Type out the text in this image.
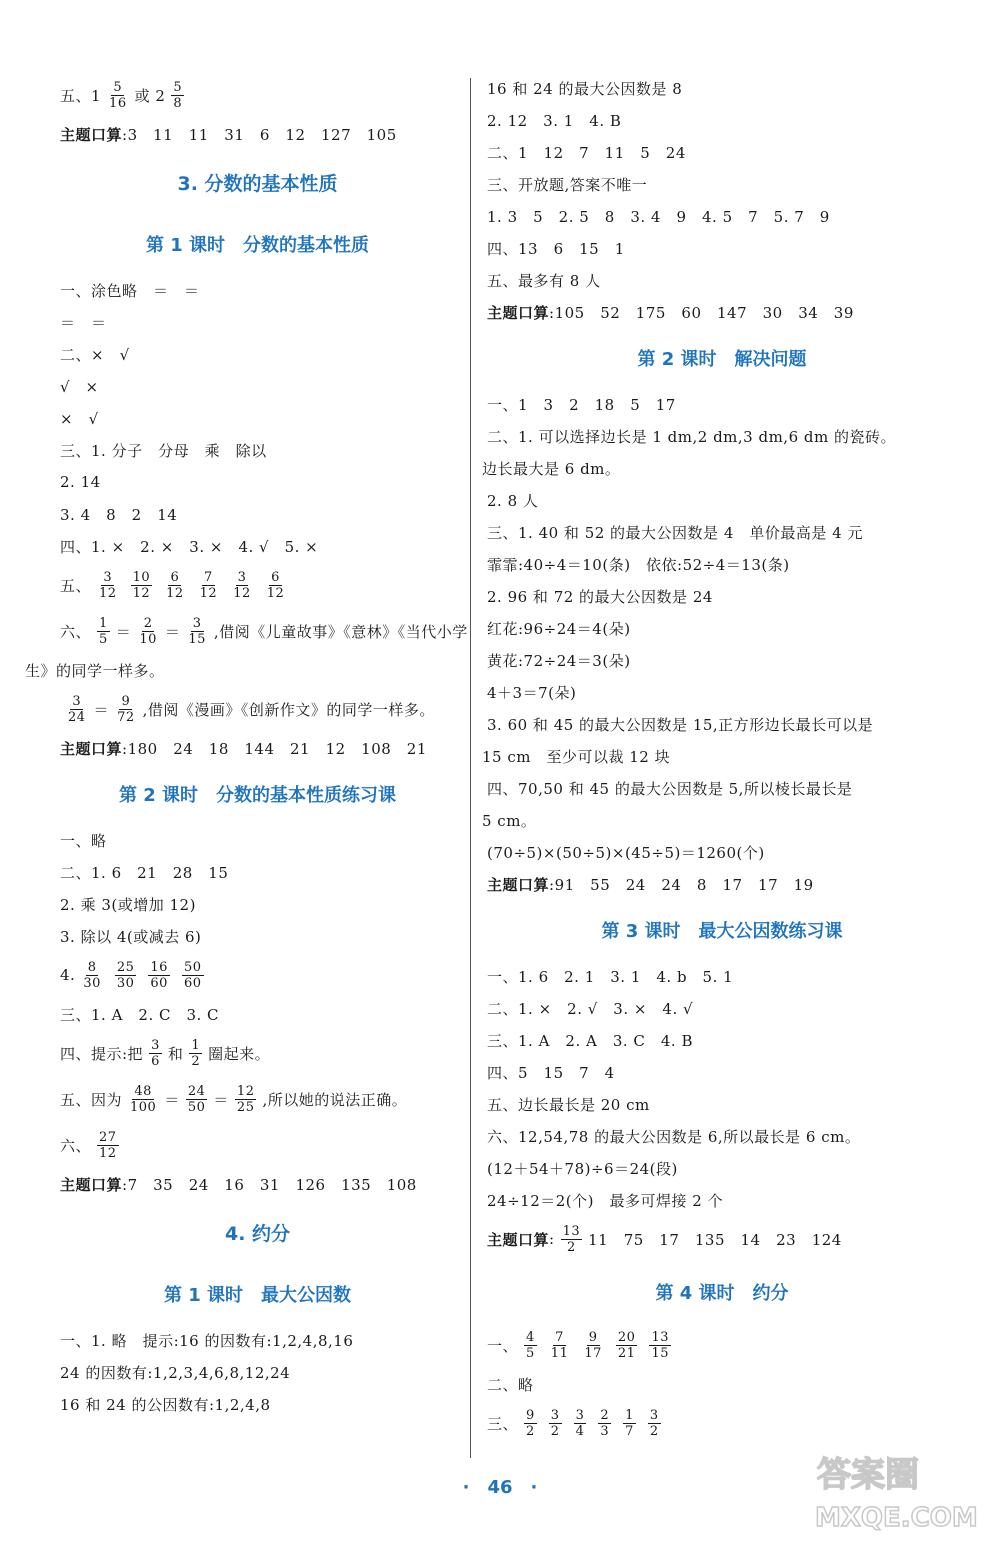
五、$1 \frac{5}{16}$ 或 $2 \frac{5}{8}$
主题口算 :3　11　11　31　6　12　127　105
3. 分数的基本性质
第 1 课时　分数的基本性质
一、涂色略　＝　＝
＝　＝
二、×　√
√　×
×　√
三、1. 分子　分母　乘　除以
2. 14
3. 4　8　2　14
四、1. ×　2. ×　3. ×　4. √　5. ×
五、 $\frac{3}{12} \frac{10}{12} \frac{6}{12} \frac{7}{12} \frac{3}{12} \frac{6}{12}$
六、 $\frac{1}{5} = \frac{2}{10} = \frac{3}{15}$ ,借阅《儿童故事》《意林》《当代小学
生》的同学一样多。
$\frac{3}{24} = \frac{9}{72}$ ,借阅《漫画》《创新作文》的同学一样多。
主题口算 :180　24　18　144　21　12　108　21
第 2 课时　分数的基本性质练习课
一、略
二、1. 6　21　28　15
2. 乘 3(或增加 12)
3. 除以 4(或减去 6)
4. $\frac{8}{30} \frac{25}{30} \frac{16}{60} \frac{50}{60}$
三、1. A　2. C　3. C
四、提示:把 $\frac{3}{6}$ 和 $\frac{1}{2}$ 圈起来。
五、因为 $\frac{48}{100} = \frac{24}{50} = \frac{12}{25}$ ,所以她的说法正确。
六、 $\frac{27}{12}$
主题口算 :7　35　24　16　31　126　135　108
4. 约分
第 1 课时　最大公因数
一、1. 略　提示:16 的因数有:1,2,4,8,16
24 的因数有:1,2,3,4,6,8,12,24
16 和 24 的公因数有:1,2,4,8
16 和 24 的最大公因数是 8
2. 12　3. 1　4. B
二、1　12　7　11　5　24
三、开放题,答案不唯一
1. 3　5　2. 5　8　3. 4　9　4. 5　7　5. 7　9
四、13　6　15　1
五、最多有 8 人
主题口算 :105　52　175　60　147　30　34　39
第 2 课时　解决问题
一、1　3　2　18　5　17
二、1. 可以选择边长是 1 dm,2 dm,3 dm,6 dm 的瓷砖。
边长最大是 6 dm。
2. 8 人
三、1. 40 和 52 的最大公因数是 4　单价最高是 4 元
霏霏:40÷4＝10(条)　依依:52÷4＝13(条)
2. 96 和 72 的最大公因数是 24
红花:96÷24＝4(朵)
黄花:72÷24＝3(朵)
4＋3＝7(朵)
3. 60 和 45 的最大公因数是 15,正方形边长最长可以是
15 cm　至少可以裁 12 块
四、70,50 和 45 的最大公因数是 5,所以棱长最长是
5 cm。
(70÷5)×(50÷5)×(45÷5)＝1260(个)
主题口算 :91　55　24　24　8　17　17　19
第 3 课时　最大公因数练习课
一、1. 6　2. 1　3. 1　4. b　5. 1
二、1. ×　2. √　3. ×　4. √
三、1. A　2. A　3. C　4. B
四、5　15　7　4
五、边长最长是 20 cm
六、12,54,78 的最大公因数是 6,所以最长是 6 cm。
(12＋54＋78)÷6＝24(段)
24÷12＝2(个)　最多可焊接 2 个
主题口算 : $\frac{13}{2} 11$　75　17　135　14　23　124
第 4 课时　约分
一、 $\frac{4}{5} \frac{7}{11} \frac{9}{17} \frac{20}{21} \frac{13}{15}$
二、略
三、 $\frac{9}{2} \frac{3}{2} \frac{3}{4} \frac{2}{3} \frac{1}{7} \frac{3}{2}$
·　46　·	答案圈
MXQE.COM
